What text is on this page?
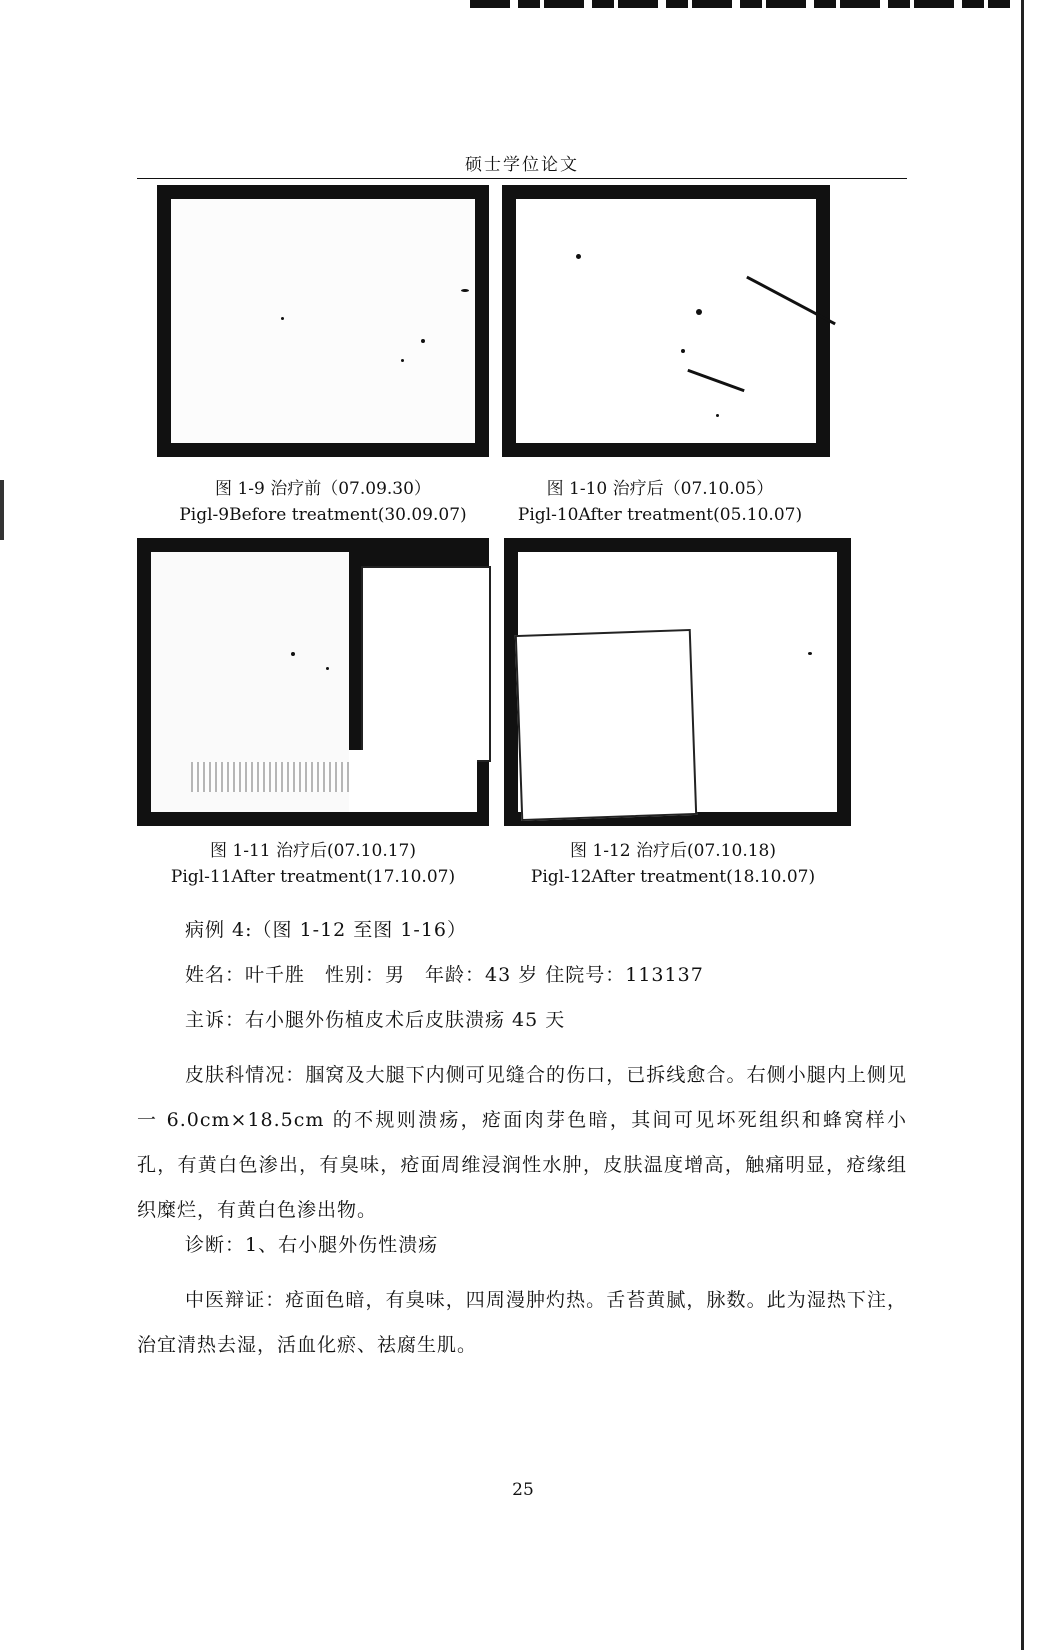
硕士学位论文
图 1-9 治疗前（07.09.30）
Pigl-9Before treatment(30.09.07)
图 1-10 治疗后（07.10.05）
Pigl-10After treatment(05.10.07)
图 1-11 治疗后(07.10.17)
Pigl-11After treatment(17.10.07)
图 1-12 治疗后(07.10.18)
Pigl-12After treatment(18.10.07)
病例 4:（图 1-12 至图 1-16）
姓名：叶千胜　性别：男　年龄：43 岁 住院号：113137
主诉：右小腿外伤植皮术后皮肤溃疡 45 天
皮肤科情况：腘窝及大腿下内侧可见缝合的伤口，已拆线愈合。右侧小腿内上侧见一 6.0cm×18.5cm 的不规则溃疡，疮面肉芽色暗，其间可见坏死组织和蜂窝样小孔，有黄白色渗出，有臭味，疮面周维浸润性水肿，皮肤温度增高，触痛明显，疮缘组织糜烂，有黄白色渗出物。
诊断：1、右小腿外伤性溃疡
中医辩证：疮面色暗，有臭味，四周漫肿灼热。舌苔黄腻，脉数。此为湿热下注，治宜清热去湿，活血化瘀、祛腐生肌。
25
